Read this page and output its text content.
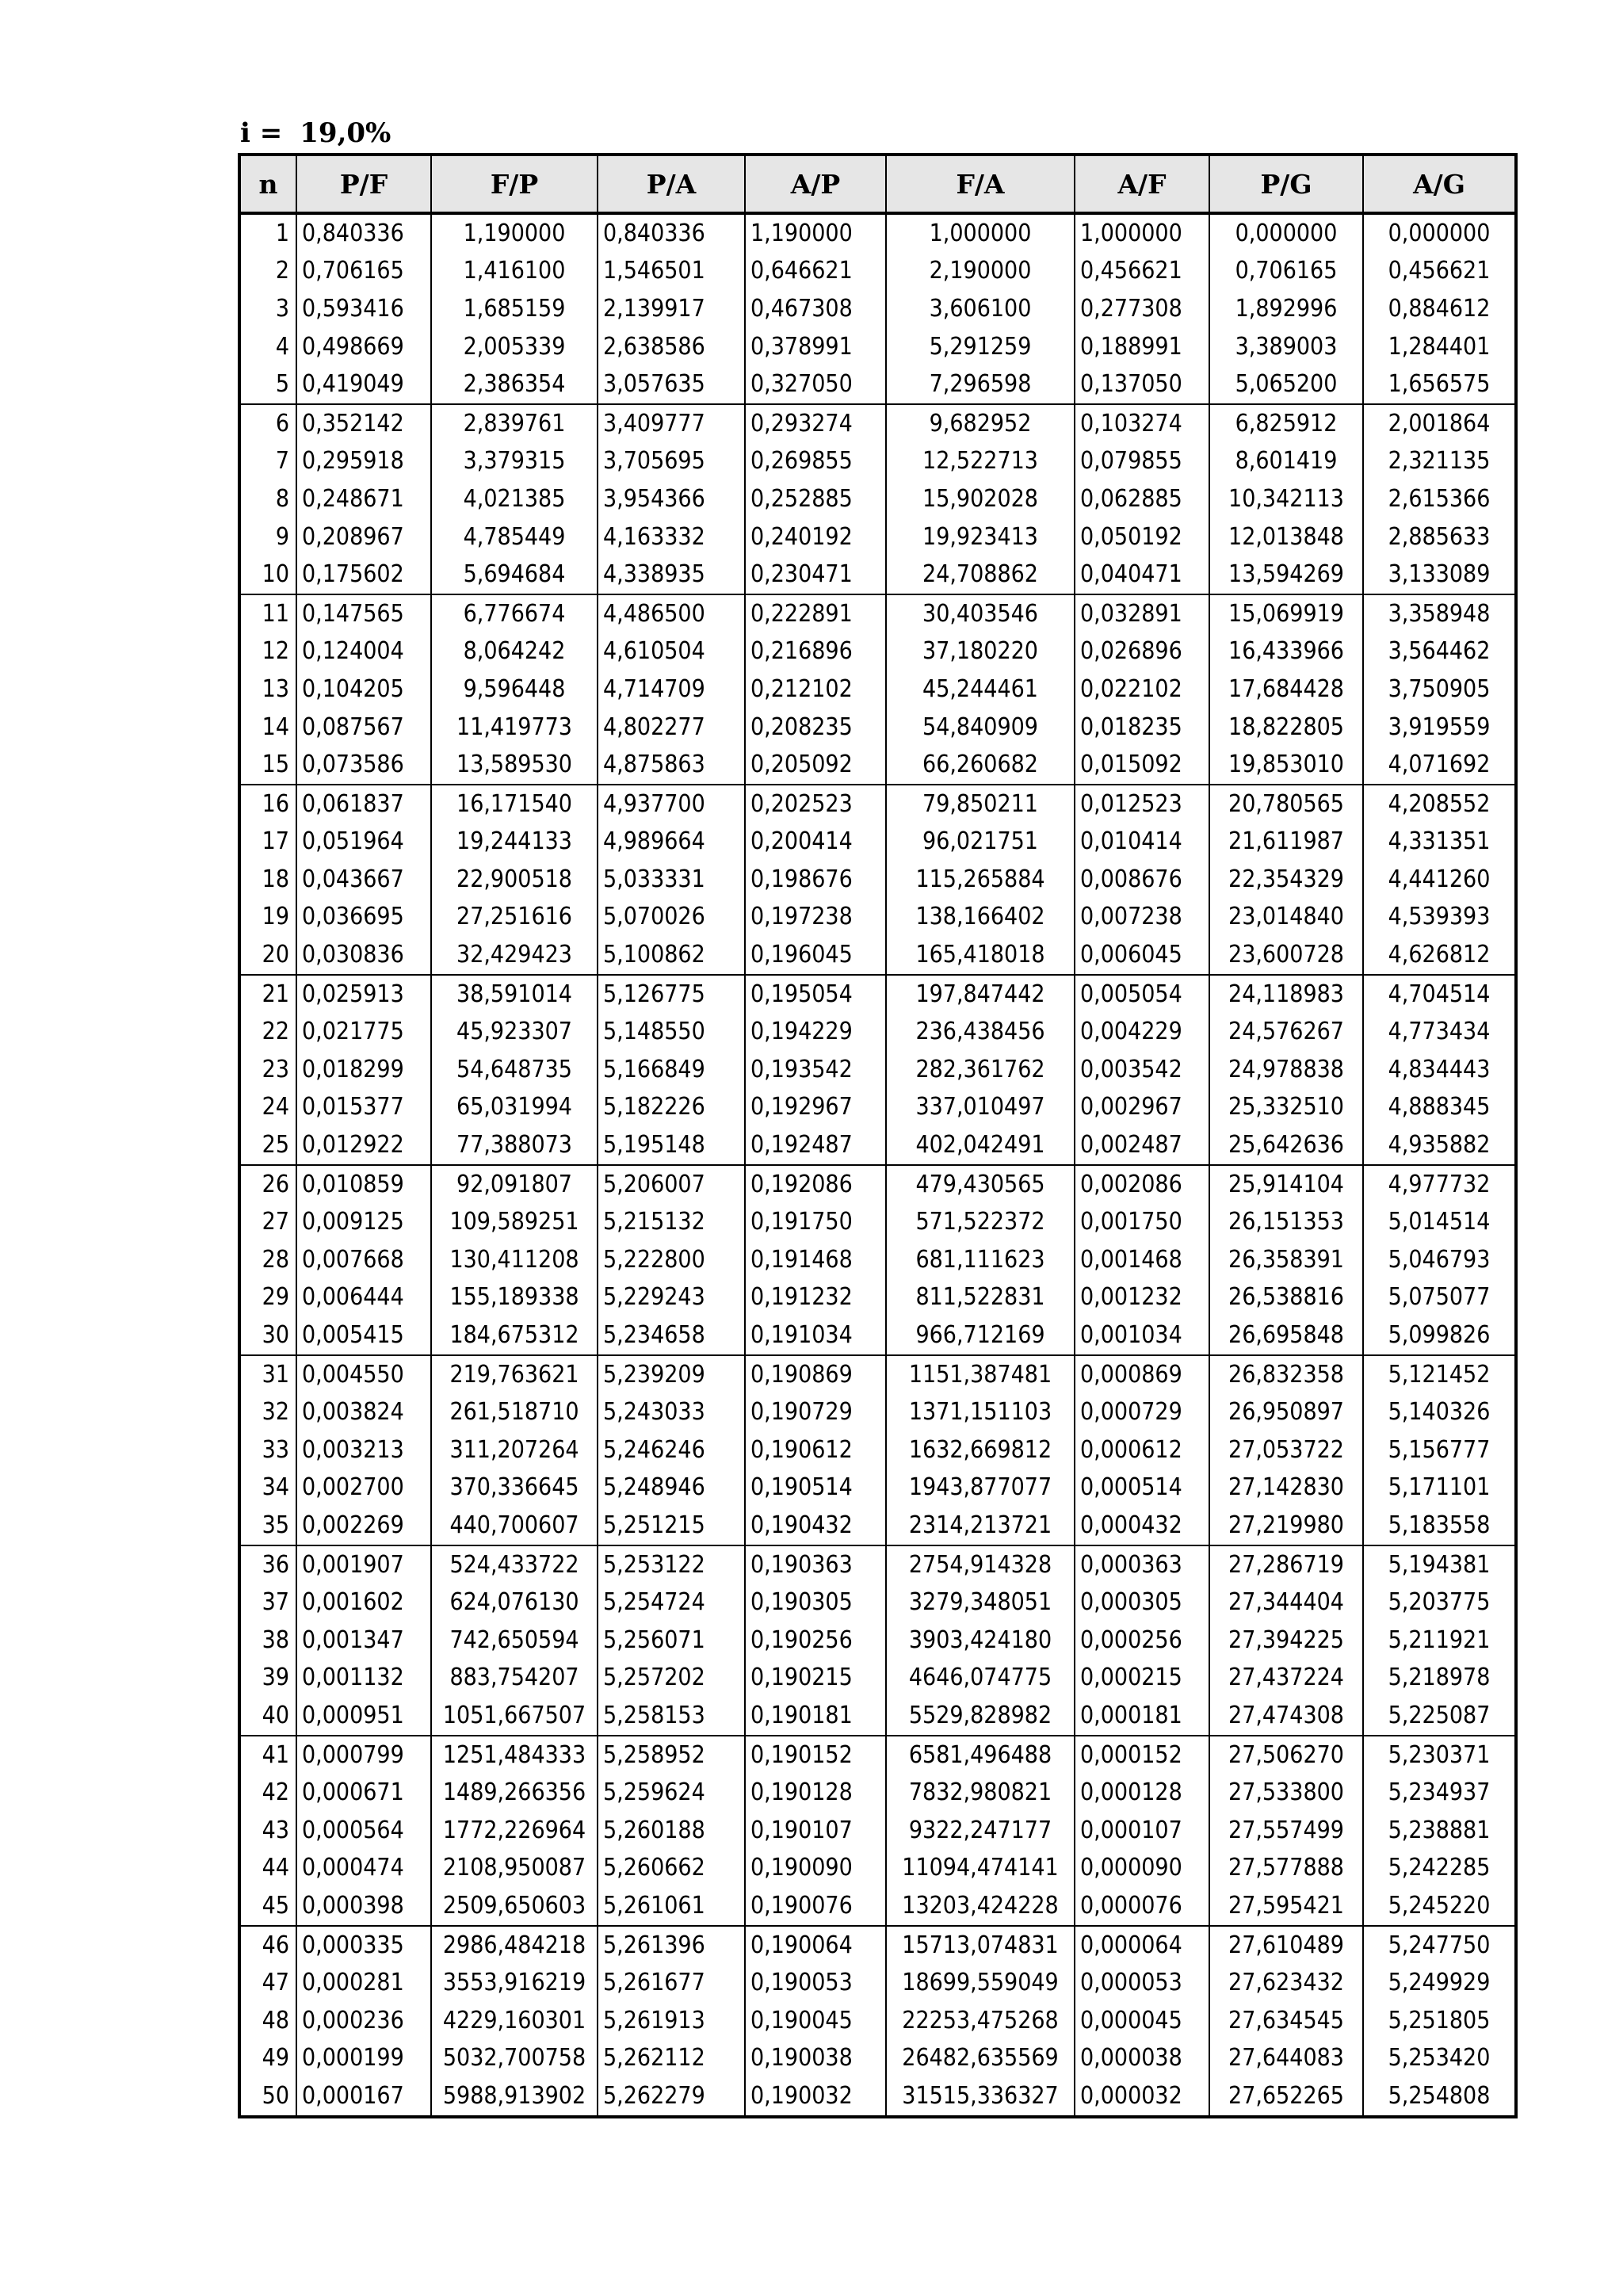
i = 19,0%
n	P/F	F/P	P/A	A/P	F/A	A/F	P/G	A/G
1	0,840336	1,190000	0,840336	1,190000	1,000000	1,000000	0,000000	0,000000
2	0,706165	1,416100	1,546501	0,646621	2,190000	0,456621	0,706165	0,456621
3	0,593416	1,685159	2,139917	0,467308	3,606100	0,277308	1,892996	0,884612
4	0,498669	2,005339	2,638586	0,378991	5,291259	0,188991	3,389003	1,284401
5	0,419049	2,386354	3,057635	0,327050	7,296598	0,137050	5,065200	1,656575
6	0,352142	2,839761	3,409777	0,293274	9,682952	0,103274	6,825912	2,001864
7	0,295918	3,379315	3,705695	0,269855	12,522713	0,079855	8,601419	2,321135
8	0,248671	4,021385	3,954366	0,252885	15,902028	0,062885	10,342113	2,615366
9	0,208967	4,785449	4,163332	0,240192	19,923413	0,050192	12,013848	2,885633
10	0,175602	5,694684	4,338935	0,230471	24,708862	0,040471	13,594269	3,133089
11	0,147565	6,776674	4,486500	0,222891	30,403546	0,032891	15,069919	3,358948
12	0,124004	8,064242	4,610504	0,216896	37,180220	0,026896	16,433966	3,564462
13	0,104205	9,596448	4,714709	0,212102	45,244461	0,022102	17,684428	3,750905
14	0,087567	11,419773	4,802277	0,208235	54,840909	0,018235	18,822805	3,919559
15	0,073586	13,589530	4,875863	0,205092	66,260682	0,015092	19,853010	4,071692
16	0,061837	16,171540	4,937700	0,202523	79,850211	0,012523	20,780565	4,208552
17	0,051964	19,244133	4,989664	0,200414	96,021751	0,010414	21,611987	4,331351
18	0,043667	22,900518	5,033331	0,198676	115,265884	0,008676	22,354329	4,441260
19	0,036695	27,251616	5,070026	0,197238	138,166402	0,007238	23,014840	4,539393
20	0,030836	32,429423	5,100862	0,196045	165,418018	0,006045	23,600728	4,626812
21	0,025913	38,591014	5,126775	0,195054	197,847442	0,005054	24,118983	4,704514
22	0,021775	45,923307	5,148550	0,194229	236,438456	0,004229	24,576267	4,773434
23	0,018299	54,648735	5,166849	0,193542	282,361762	0,003542	24,978838	4,834443
24	0,015377	65,031994	5,182226	0,192967	337,010497	0,002967	25,332510	4,888345
25	0,012922	77,388073	5,195148	0,192487	402,042491	0,002487	25,642636	4,935882
26	0,010859	92,091807	5,206007	0,192086	479,430565	0,002086	25,914104	4,977732
27	0,009125	109,589251	5,215132	0,191750	571,522372	0,001750	26,151353	5,014514
28	0,007668	130,411208	5,222800	0,191468	681,111623	0,001468	26,358391	5,046793
29	0,006444	155,189338	5,229243	0,191232	811,522831	0,001232	26,538816	5,075077
30	0,005415	184,675312	5,234658	0,191034	966,712169	0,001034	26,695848	5,099826
31	0,004550	219,763621	5,239209	0,190869	1151,387481	0,000869	26,832358	5,121452
32	0,003824	261,518710	5,243033	0,190729	1371,151103	0,000729	26,950897	5,140326
33	0,003213	311,207264	5,246246	0,190612	1632,669812	0,000612	27,053722	5,156777
34	0,002700	370,336645	5,248946	0,190514	1943,877077	0,000514	27,142830	5,171101
35	0,002269	440,700607	5,251215	0,190432	2314,213721	0,000432	27,219980	5,183558
36	0,001907	524,433722	5,253122	0,190363	2754,914328	0,000363	27,286719	5,194381
37	0,001602	624,076130	5,254724	0,190305	3279,348051	0,000305	27,344404	5,203775
38	0,001347	742,650594	5,256071	0,190256	3903,424180	0,000256	27,394225	5,211921
39	0,001132	883,754207	5,257202	0,190215	4646,074775	0,000215	27,437224	5,218978
40	0,000951	1051,667507	5,258153	0,190181	5529,828982	0,000181	27,474308	5,225087
41	0,000799	1251,484333	5,258952	0,190152	6581,496488	0,000152	27,506270	5,230371
42	0,000671	1489,266356	5,259624	0,190128	7832,980821	0,000128	27,533800	5,234937
43	0,000564	1772,226964	5,260188	0,190107	9322,247177	0,000107	27,557499	5,238881
44	0,000474	2108,950087	5,260662	0,190090	11094,474141	0,000090	27,577888	5,242285
45	0,000398	2509,650603	5,261061	0,190076	13203,424228	0,000076	27,595421	5,245220
46	0,000335	2986,484218	5,261396	0,190064	15713,074831	0,000064	27,610489	5,247750
47	0,000281	3553,916219	5,261677	0,190053	18699,559049	0,000053	27,623432	5,249929
48	0,000236	4229,160301	5,261913	0,190045	22253,475268	0,000045	27,634545	5,251805
49	0,000199	5032,700758	5,262112	0,190038	26482,635569	0,000038	27,644083	5,253420
50	0,000167	5988,913902	5,262279	0,190032	31515,336327	0,000032	27,652265	5,254808
